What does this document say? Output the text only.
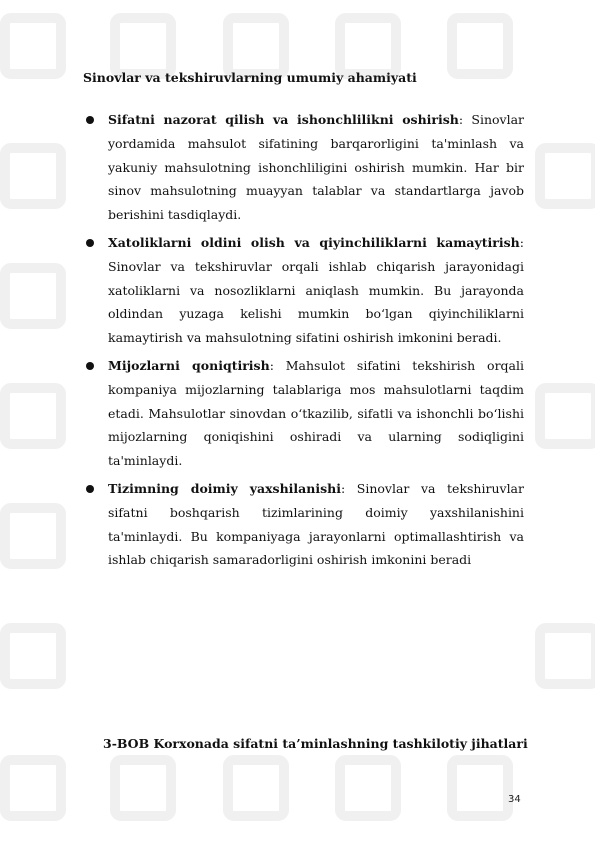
Sinovlar va tekshiruvlarning umumiy ahamiyati
Sifatni nazorat qilish va ishonchlilikni oshirish: Sinovlar yordamida mahsulot sifatining barqarorligini ta'minlash va yakuniy mahsulotning ishonchliligini oshirish mumkin. Har bir sinov mahsulotning muayyan talablar va standartlarga javob berishini tasdiqlaydi.
Xatoliklarni oldini olish va qiyinchiliklarni kamaytirish: Sinovlar va tekshiruvlar orqali ishlab chiqarish jarayonidagi xatoliklarni va nosozliklarni aniqlash mumkin. Bu jarayonda oldindan yuzaga kelishi mumkin bo‘lgan qiyinchiliklarni kamaytirish va mahsulotning sifatini oshirish imkonini beradi.
Mijozlarni qoniqtirish: Mahsulot sifatini tekshirish orqali kompaniya mijozlarning talablariga mos mahsulotlarni taqdim etadi. Mahsulotlar sinovdan o‘tkazilib, sifatli va ishonchli bo‘lishi mijozlarning qoniqishini oshiradi va ularning sodiqligini ta'minlaydi.
Tizimning doimiy yaxshilanishi: Sinovlar va tekshiruvlar sifatni boshqarish tizimlarining doimiy yaxshilanishini ta'minlaydi. Bu kompaniyaga jarayonlarni optimallashtirish va ishlab chiqarish samaradorligini oshirish imkonini beradi
3-BOB Korxonada sifatni ta’minlashning tashkilotiy jihatlari
34
